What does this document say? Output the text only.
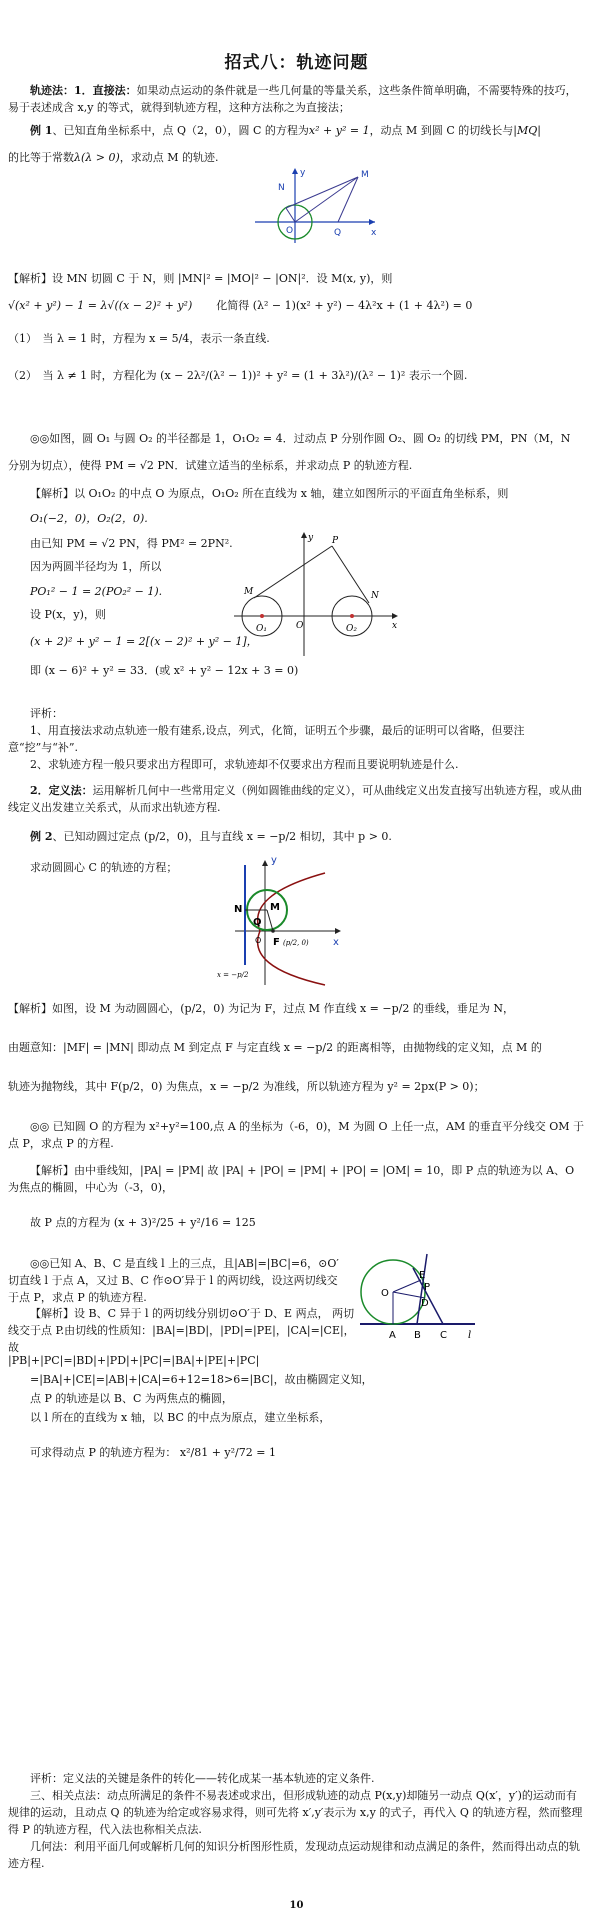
招式八：轨迹问题
轨迹法：1．直接法：如果动点运动的条件就是一些几何量的等量关系，这些条件简单明确，不需要特殊的技巧，易于表述成含 x,y 的等式，就得到轨迹方程，这种方法称之为直接法；
例 1、已知直角坐标系中，点 Q（2，0），圆 C 的方程为x² + y² = 1，动点 M 到圆 C 的切线长与|MQ|
的比等于常数λ(λ > 0)，求动点 M 的轨迹.
y
x
N
M
O	Q
【解析】设 MN 切圆 C 于 N，则 |MN|² = |MO|² − |ON|²．设 M(x, y)，则
√(x² + y²) − 1 = λ√((x − 2)² + y²) 化简得 (λ² − 1)(x² + y²) − 4λ²x + (1 + 4λ²) = 0
（1）　当 λ = 1 时，方程为 x = 5/4，表示一条直线.
（2）　当 λ ≠ 1 时，方程化为 (x − 2λ²/(λ² − 1))² + y² = (1 + 3λ²)/(λ² − 1)² 表示一个圆.
◎◎如图，圆 O₁ 与圆 O₂ 的半径都是 1，O₁O₂ = 4．过动点 P 分别作圆 O₂、圆 O₂ 的切线 PM，PN（M，N
分别为切点），使得 PM = √2 PN．试建立适当的坐标系，并求动点 P 的轨迹方程.
【解析】以 O₁O₂ 的中点 O 为原点，O₁O₂ 所在直线为 x 轴，建立如图所示的平面直角坐标系，则
O₁(−2，0)，O₂(2，0).
由已知 PM = √2 PN，得 PM² = 2PN².
因为两圆半径均为 1，所以
PO₁² − 1 = 2(PO₂² − 1).
设 P(x，y)，则
(x + 2)² + y² − 1 = 2[(x − 2)² + y² − 1]，
即 (x − 6)² + y² = 33．(或 x² + y² − 12x + 3 = 0)
y
x
P
M	N
O
O₁	O₂
评析：
1、用直接法求动点轨迹一般有建系,设点，列式，化简，证明五个步骤，最后的证明可以省略，但要注意“挖”与“补”.
2、求轨迹方程一般只要求出方程即可，求轨迹却不仅要求出方程而且要说明轨迹是什么.
2．定义法：运用解析几何中一些常用定义（例如圆锥曲线的定义），可从曲线定义出发直接写出轨迹方程，或从曲线定义出发建立关系式，从而求出轨迹方程.
例 2、已知动圆过定点 (p/2，0)，且与直线 x = −p/2 相切，其中 p > 0.
求动圆圆心 C 的轨迹的方程；
y
x
N	M
Q
O F (p/2, 0)
x = −p/2
【解析】如图，设 M 为动圆圆心，(p/2，0) 为记为 F，过点 M 作直线 x = −p/2 的垂线，垂足为 N，
由题意知：|MF| = |MN| 即动点 M 到定点 F 与定直线 x = −p/2 的距离相等，由抛物线的定义知，点 M 的
轨迹为抛物线，其中 F(p/2，0) 为焦点，x = −p/2 为准线，所以轨迹方程为 y² = 2px(P > 0)；
◎◎ 已知圆 O 的方程为 x²+y²=100,点 A 的坐标为（-6，0)，M 为圆 O 上任一点，AM 的垂直平分线交 OM 于点 P，求点 P 的方程.
【解析】由中垂线知，|PA| = |PM| 故 |PA| + |PO| = |PM| + |PO| = |OM| = 10，即 P 点的轨迹为以 A、O 为焦点的椭圆，中心为（-3，0)，
故 P 点的方程为 (x + 3)²/25 + y²/16 = 125
◎◎已知 A、B、C 是直线 l 上的三点，且|AB|=|BC|=6，⊙O′切直线 l 于点 A，又过 B、C 作⊙O′异于 l 的两切线，设这两切线交于点 P，求点 P 的轨迹方程.	O
E
P
D
A B C l
【解析】设 B、C 异于 l 的两切线分别切⊙O′于 D、E 两点， 两切线交于点 P.由切线的性质知：|BA|=|BD|，|PD|=|PE|，|CA|=|CE|，故
|PB|+|PC|=|BD|+|PD|+|PC|=|BA|+|PE|+|PC|
=|BA|+|CE|=|AB|+|CA|=6+12=18>6=|BC|，故由椭圆定义知，
点 P 的轨迹是以 B、C 为两焦点的椭圆，
以 l 所在的直线为 x 轴，以 BC 的中点为原点，建立坐标系，
可求得动点 P 的轨迹方程为： x²/81 + y²/72 = 1
评析：定义法的关键是条件的转化——转化成某一基本轨迹的定义条件.
三、相关点法：动点所满足的条件不易表述或求出，但形成轨迹的动点 P(x,y)却随另一动点 Q(x′，y′)的运动而有规律的运动，且动点 Q 的轨迹为给定或容易求得，则可先将 x′,y′表示为 x,y 的式子，再代入 Q 的轨迹方程，然而整理得 P 的轨迹方程，代入法也称相关点法.
几何法：利用平面几何或解析几何的知识分析图形性质，发现动点运动规律和动点满足的条件，然而得出动点的轨迹方程.
10
